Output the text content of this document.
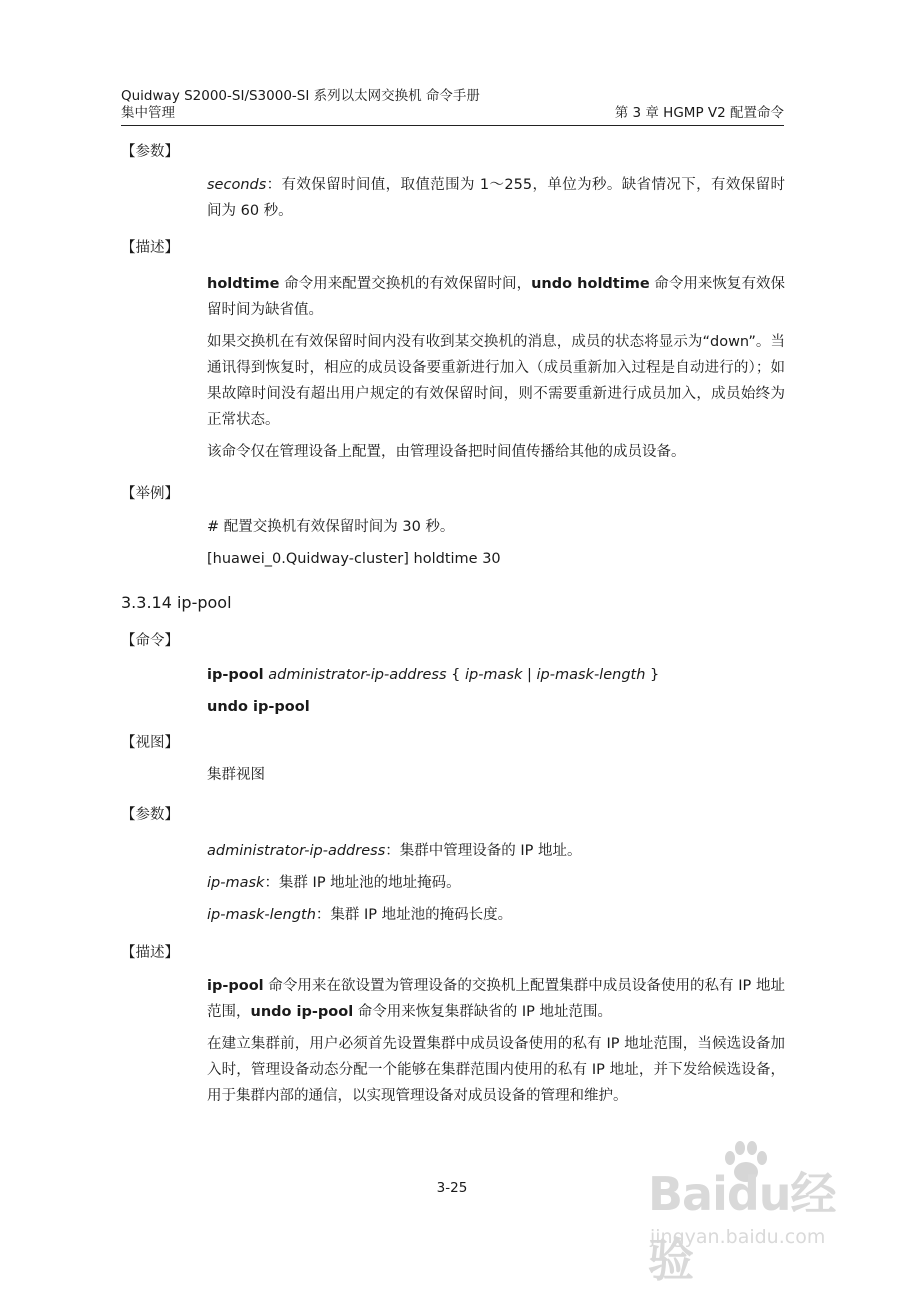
Quidway S2000-SI/S3000-SI 系列以太网交换机 命令手册
集中管理	第 3 章 HGMP V2 配置命令
【参数】

seconds：有效保留时间值，取值范围为 1～255，单位为秒。缺省情况下，有效保留时间为 60 秒。

【描述】

holdtime 命令用来配置交换机的有效保留时间，undo holdtime 命令用来恢复有效保留时间为缺省值。

如果交换机在有效保留时间内没有收到某交换机的消息，成员的状态将显示为“down”。当通讯得到恢复时，相应的成员设备要重新进行加入（成员重新加入过程是自动进行的）；如果故障时间没有超出用户规定的有效保留时间，则不需要重新进行成员加入，成员始终为正常状态。

该命令仅在管理设备上配置，由管理设备把时间值传播给其他的成员设备。

【举例】

# 配置交换机有效保留时间为 30 秒。

[huawei_0.Quidway-cluster] holdtime 30

3.3.14 ip-pool
【命令】

ip-pool administrator-ip-address { ip-mask | ip-mask-length }

undo ip-pool

【视图】

集群视图

【参数】

administrator-ip-address：集群中管理设备的 IP 地址。

ip-mask：集群 IP 地址池的地址掩码。

ip-mask-length：集群 IP 地址池的掩码长度。

【描述】

ip-pool 命令用来在欲设置为管理设备的交换机上配置集群中成员设备使用的私有 IP 地址范围，undo ip-pool 命令用来恢复集群缺省的 IP 地址范围。

在建立集群前，用户必须首先设置集群中成员设备使用的私有 IP 地址范围，当候选设备加入时，管理设备动态分配一个能够在集群范围内使用的私有 IP 地址，并下发给候选设备，用于集群内部的通信，以实现管理设备对成员设备的管理和维护。

3-25	Baidu经验
jingyan.baidu.com
